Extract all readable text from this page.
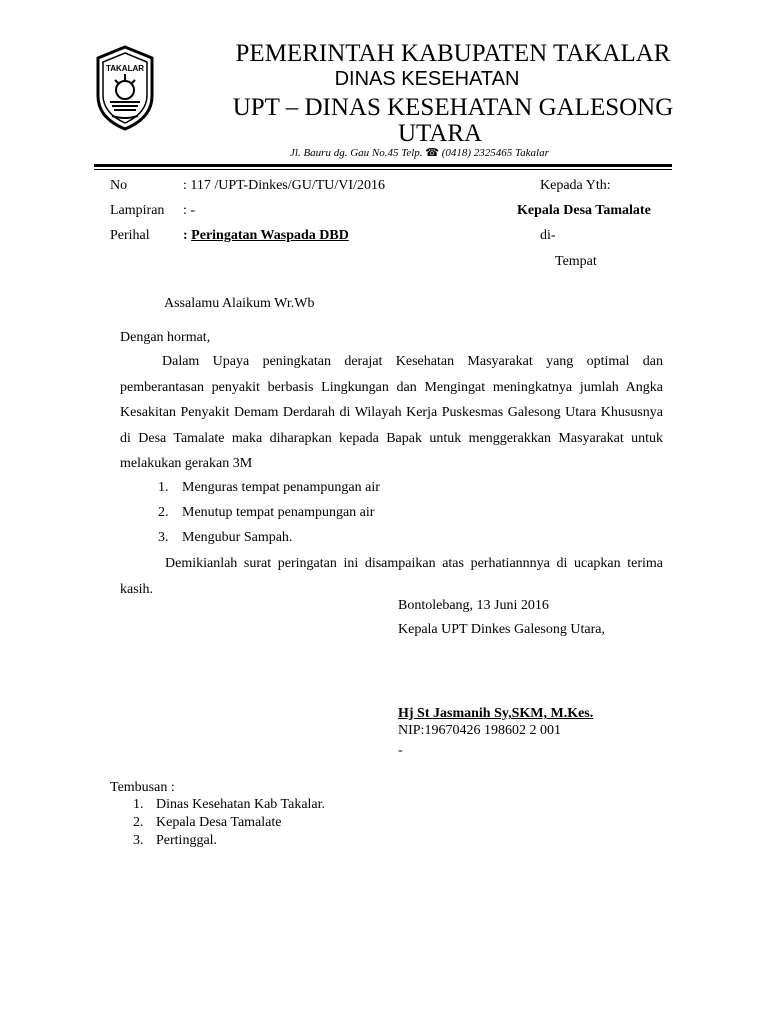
TAKALAR
PEMERINTAH KABUPATEN TAKALAR
DINAS KESEHATAN
UPT – DINAS KESEHATAN GALESONG
UTARA
Jl. Bauru dg. Gau No.45 Telp. ☎ (0418) 2325465 Takalar
No	: 117 /UPT-Dinkes/GU/TU/VI/2016
Lampiran : -
Perihal : Peringatan Waspada DBD
Kepada Yth:
Kepala Desa Tamalate
di-
Tempat
Assalamu Alaikum Wr.Wb
Dengan hormat,
Dalam Upaya peningkatan derajat Kesehatan Masyarakat yang optimal dan pemberantasan penyakit berbasis Lingkungan dan Mengingat meningkatnya jumlah Angka Kesakitan Penyakit Demam Derdarah di Wilayah Kerja Puskesmas Galesong Utara Khususnya di Desa Tamalate maka diharapkan kepada Bapak untuk menggerakkan Masyarakat untuk melakukan gerakan 3M
1. Menguras tempat penampungan air
2. Menutup tempat penampungan air
3. Mengubur Sampah.
Demikianlah surat peringatan ini disampaikan atas perhatiannnya di ucapkan terima kasih.
Bontolebang, 13 Juni 2016
Kepala UPT Dinkes Galesong Utara,
Hj St Jasmanih Sy,SKM, M.Kes.
NIP:19670426 198602 2 001
-
Tembusan :
1. Dinas Kesehatan Kab Takalar.
2. Kepala Desa Tamalate
3. Pertinggal.
